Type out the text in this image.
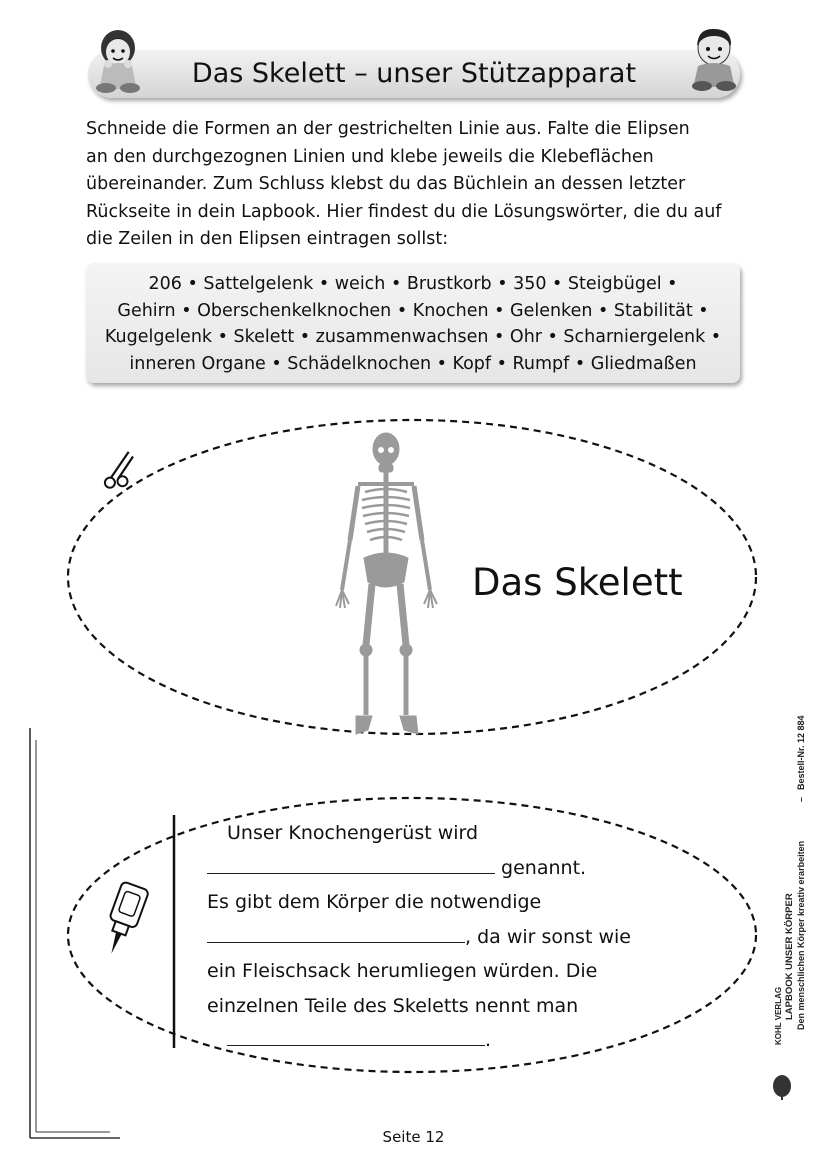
Das Skelett – unser Stützapparat
Schneide die Formen an der gestrichelten Linie aus. Falte die Elipsen
an den durchgezognen Linien und klebe jeweils die Klebeflächen
übereinander. Zum Schluss klebst du das Büchlein an dessen letzter
Rückseite in dein Lapbook. Hier findest du die Lösungswörter, die du auf
die Zeilen in den Elipsen eintragen sollst:
206 • Sattelgelenk • weich • Brustkorb • 350 • Steigbügel •
Gehirn • Oberschenkelknochen • Knochen • Gelenken • Stabilität •
Kugelgelenk • Skelett • zusammenwachsen • Ohr • Scharniergelenk •
inneren Organe • Schädelknochen • Kopf • Rumpf • Gliedmaßen
Das Skelett
Unser Knochengerüst wird
genannt.
Es gibt dem Körper die notwendige
, da wir sonst wie
ein Fleischsack herumliegen würden. Die
einzelnen Teile des Skeletts nennt man
.
Seite 12
KOHL VERLAG LAPBOOK UNSER KÖRPER Den menschlichen Körper kreativ erarbeiten
–
Bestell-Nr. 12 884
